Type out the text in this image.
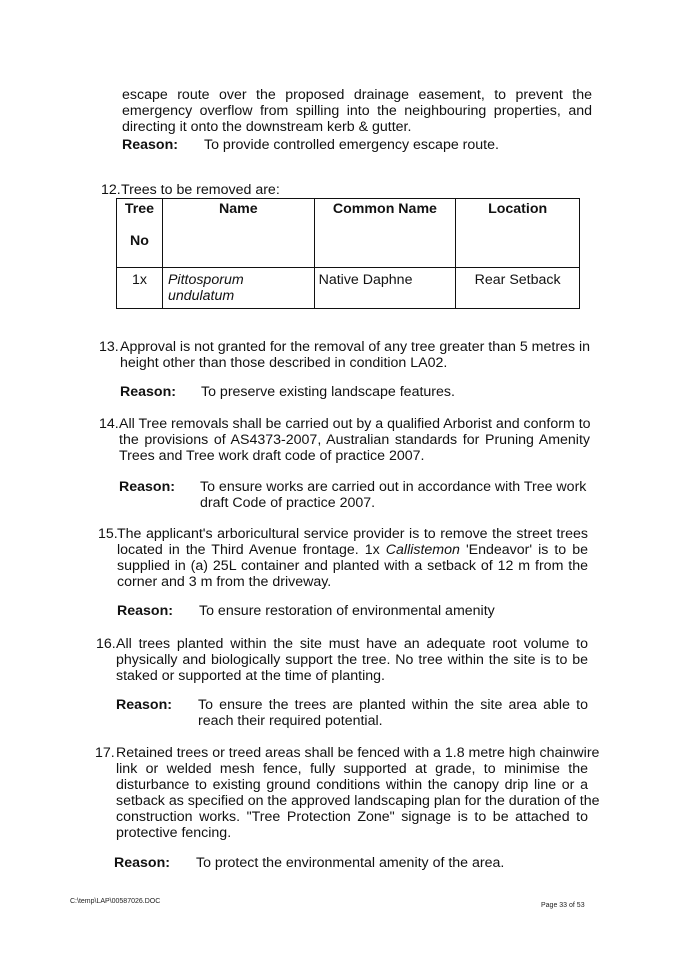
escape route over the proposed drainage easement, to prevent the
emergency overflow from spilling into the neighbouring properties, and
directing it onto the downstream kerb & gutter.
Reason: To provide controlled emergency escape route.
12. Trees to be removed are:
Tree

No	Name	Common Name	Location
1x	Pittosporum undulatum	Native Daphne	Rear Setback
13. Approval is not granted for the removal of any tree greater than 5 metres in
height other than those described in condition LA02.
Reason: To preserve existing landscape features.
14. All Tree removals shall be carried out by a qualified Arborist and conform to
the provisions of AS4373-2007, Australian standards for Pruning Amenity
Trees and Tree work draft code of practice 2007.
Reason: To ensure works are carried out in accordance with Tree work
draft Code of practice 2007.
15. The applicant's arboricultural service provider is to remove the street trees
located in the Third Avenue frontage. 1x Callistemon 'Endeavor' is to be
supplied in (a) 25L container and planted with a setback of 12 m from the
corner and 3 m from the driveway.
Reason: To ensure restoration of environmental amenity
16. All trees planted within the site must have an adequate root volume to
physically and biologically support the tree. No tree within the site is to be
staked or supported at the time of planting.
Reason: To ensure the trees are planted within the site area able to
reach their required potential.
17. Retained trees or treed areas shall be fenced with a 1.8 metre high chainwire
link or welded mesh fence, fully supported at grade, to minimise the
disturbance to existing ground conditions within the canopy drip line or a
setback as specified on the approved landscaping plan for the duration of the
construction works. "Tree Protection Zone" signage is to be attached to
protective fencing.
Reason: To protect the environmental amenity of the area.
C:\temp\LAP\00587026.DOC
Page 33 of 53
